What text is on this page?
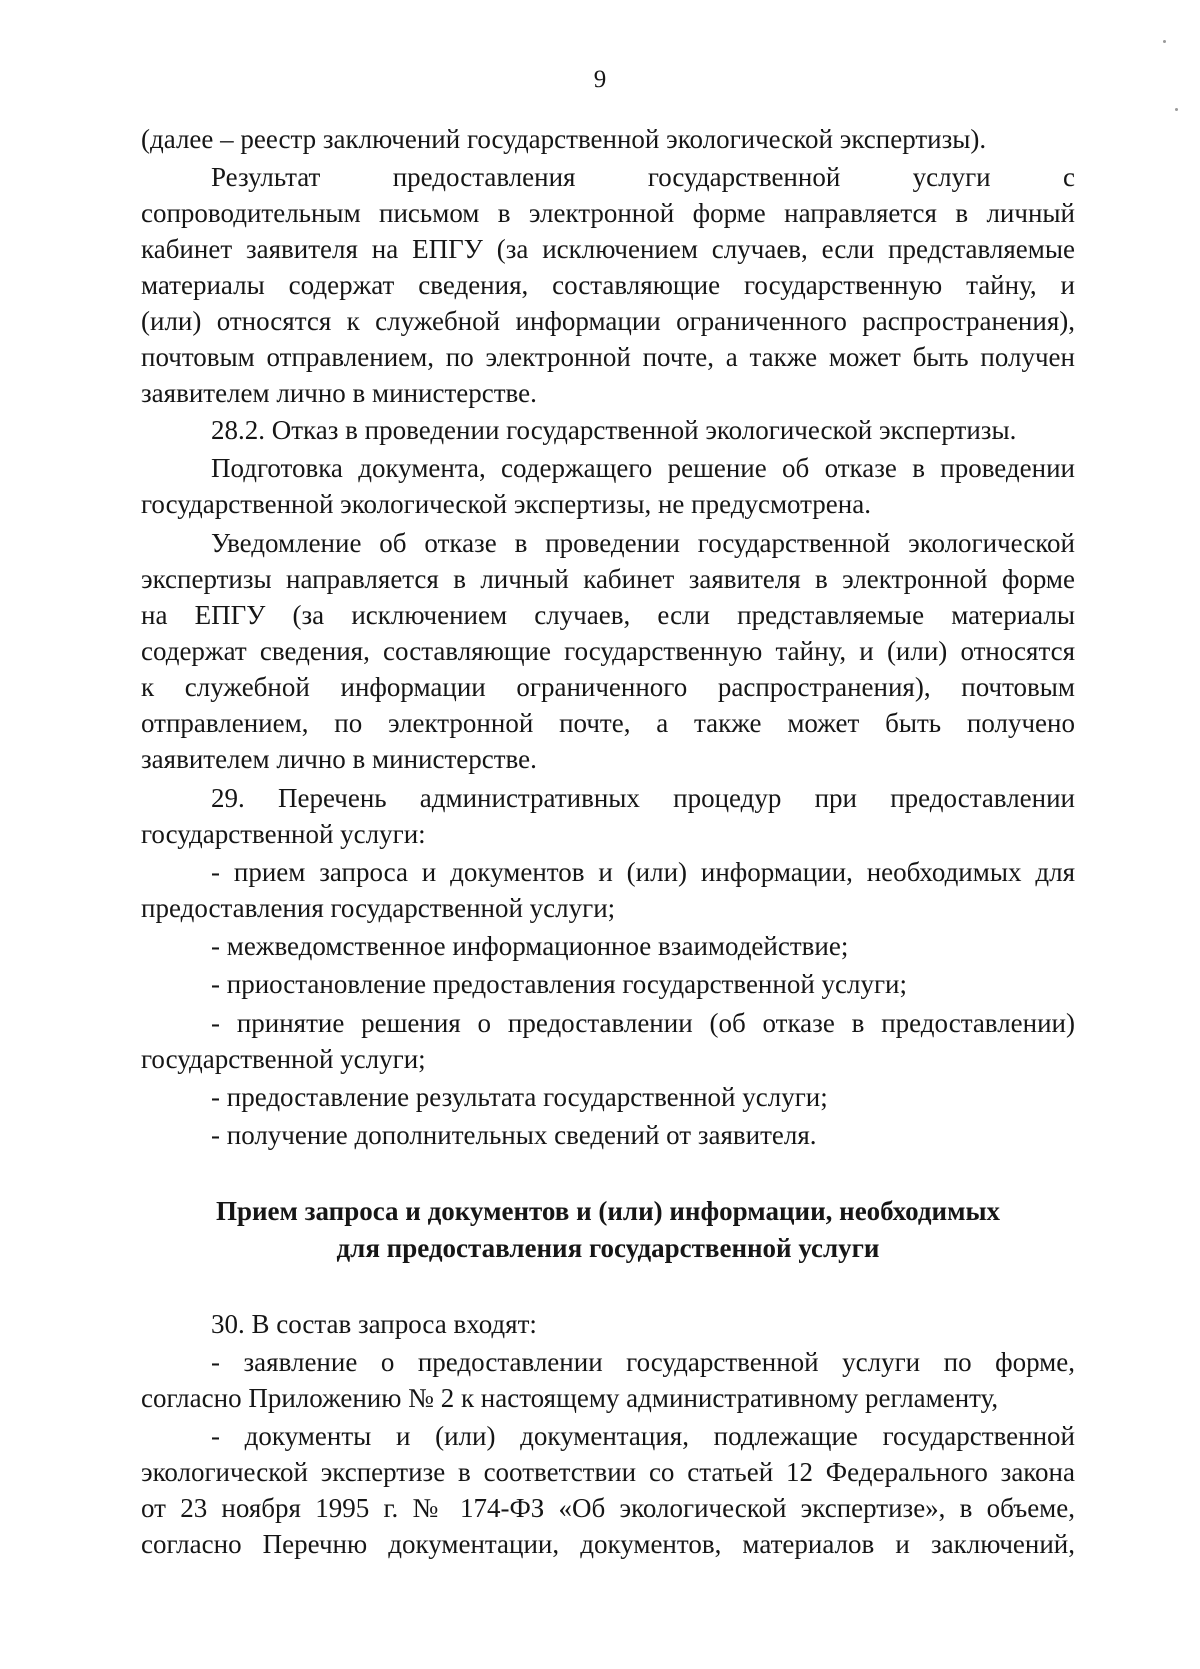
9
(далее – реестр заключений государственной экологической экспертизы).
Результат предоставления государственной услуги с
сопроводительным письмом в электронной форме направляется в личный
кабинет заявителя на ЕПГУ (за исключением случаев, если представляемые
материалы содержат сведения, составляющие государственную тайну, и
(или) относятся к служебной информации ограниченного распространения),
почтовым отправлением, по электронной почте, а также может быть получен
заявителем лично в министерстве.
28.2. Отказ в проведении государственной экологической экспертизы.
Подготовка документа, содержащего решение об отказе в проведении
государственной экологической экспертизы, не предусмотрена.
Уведомление об отказе в проведении государственной экологической
экспертизы направляется в личный кабинет заявителя в электронной форме
на ЕПГУ (за исключением случаев, если представляемые материалы
содержат сведения, составляющие государственную тайну, и (или) относятся
к служебной информации ограниченного распространения), почтовым
отправлением, по электронной почте, а также может быть получено
заявителем лично в министерстве.
29. Перечень административных процедур при предоставлении
государственной услуги:
- прием запроса и документов и (или) информации, необходимых для
предоставления государственной услуги;
- межведомственное информационное взаимодействие;
- приостановление предоставления государственной услуги;
- принятие решения о предоставлении (об отказе в предоставлении)
государственной услуги;
- предоставление результата государственной услуги;
- получение дополнительных сведений от заявителя.
Прием запроса и документов и (или) информации, необходимых
для предоставления государственной услуги
30. В состав запроса входят:
- заявление о предоставлении государственной услуги по форме,
согласно Приложению № 2 к настоящему административному регламенту,
- документы и (или) документация, подлежащие государственной
экологической экспертизе в соответствии со статьей 12 Федерального закона
от 23 ноября 1995 г. № 174-ФЗ «Об экологической экспертизе», в объеме,
согласно Перечню документации, документов, материалов и заключений,
